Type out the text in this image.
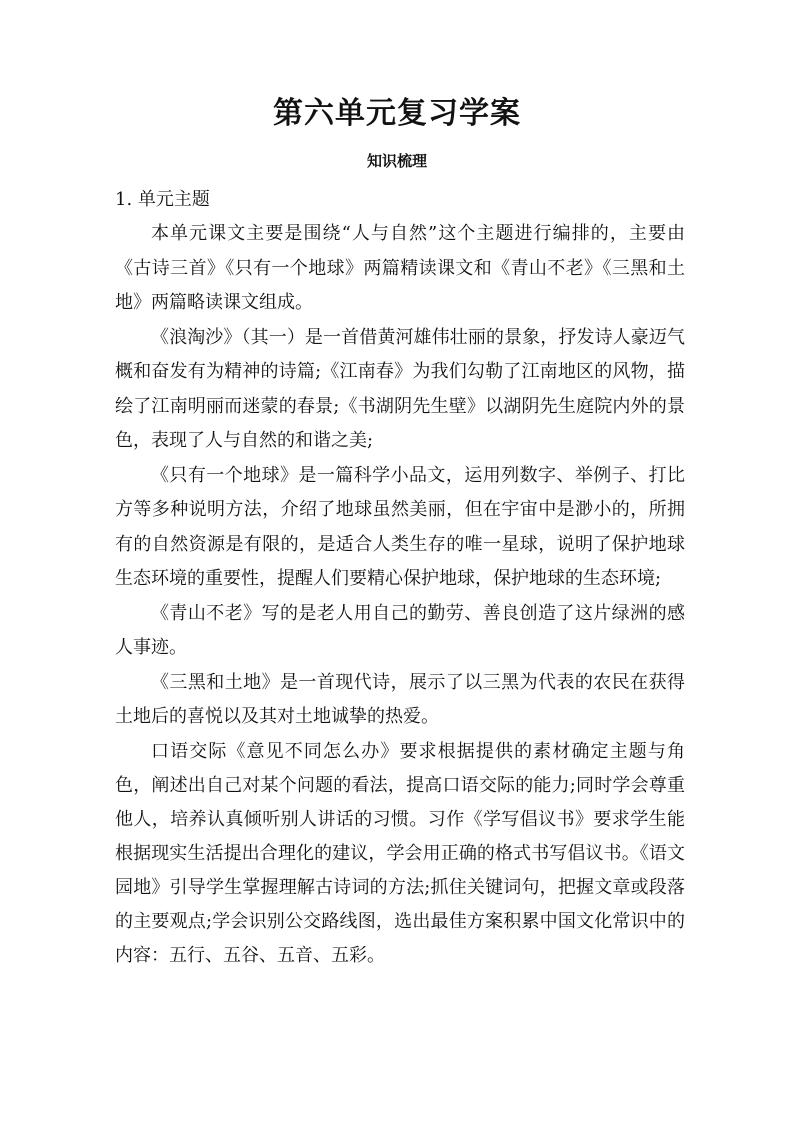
第六单元复习学案
知识梳理

1. 单元主题

本单元课文主要是围绕“人与自然”这个主题进行编排的，主要由《古诗三首》《只有一个地球》两篇精读课文和《青山不老》《三黑和土地》两篇略读课文组成。

《浪淘沙》（其一）是一首借黄河雄伟壮丽的景象，抒发诗人豪迈气概和奋发有为精神的诗篇;《江南春》为我们勾勒了江南地区的风物，描绘了江南明丽而迷蒙的春景;《书湖阴先生壁》以湖阴先生庭院内外的景色，表现了人与自然的和谐之美;

《只有一个地球》是一篇科学小品文，运用列数字、举例子、打比方等多种说明方法，介绍了地球虽然美丽，但在宇宙中是渺小的，所拥有的自然资源是有限的，是适合人类生存的唯一星球，说明了保护地球生态环境的重要性，提醒人们要精心保护地球，保护地球的生态环境;

《青山不老》写的是老人用自己的勤劳、善良创造了这片绿洲的感人事迹。

《三黑和土地》是一首现代诗，展示了以三黑为代表的农民在获得土地后的喜悦以及其对土地诚挚的热爱。

口语交际《意见不同怎么办》要求根据提供的素材确定主题与角色，阐述出自己对某个问题的看法，提高口语交际的能力;同时学会尊重他人，培养认真倾听别人讲话的习惯。习作《学写倡议书》要求学生能根据现实生活提出合理化的建议，学会用正确的格式书写倡议书。《语文园地》引导学生掌握理解古诗词的方法;抓住关键词句，把握文章或段落的主要观点;学会识别公交路线图，选出最佳方案积累中国文化常识中的内容：五行、五谷、五音、五彩。
